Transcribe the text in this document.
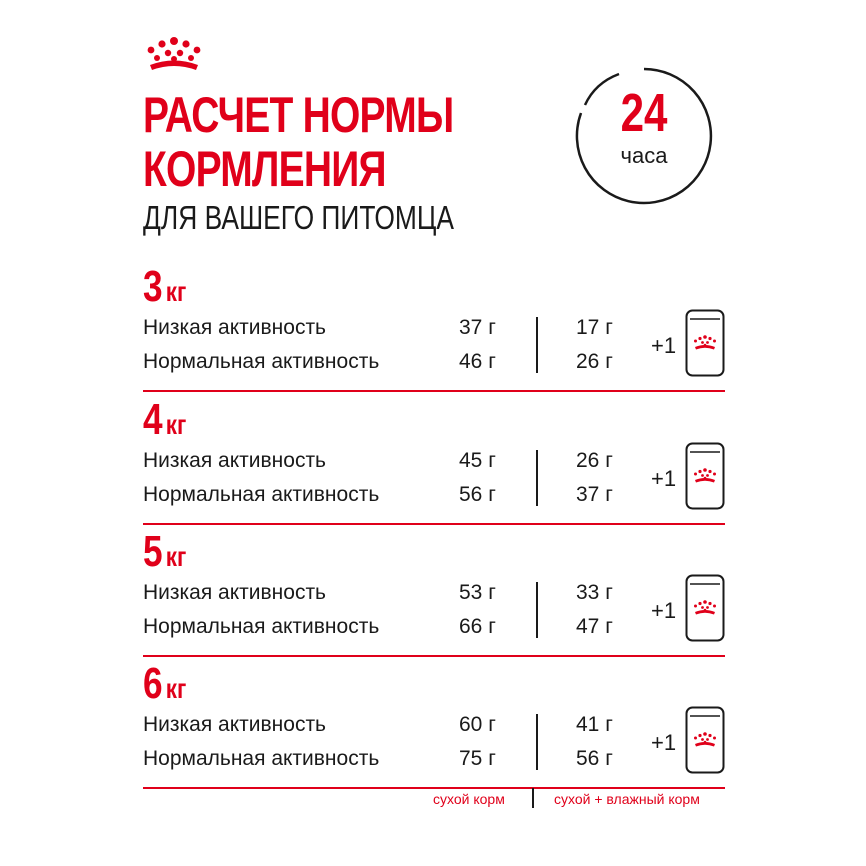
РАСЧЕТ НОРМЫ
КОРМЛЕНИЯ
ДЛЯ ВАШЕГО ПИТОМЦА
24
часа
3 кг
Низкая активность
Нормальная активность
37 г
46 г
17 г
26 г
+1
4 кг
Низкая активность
Нормальная активность
45 г
56 г
26 г
37 г
+1
5 кг
Низкая активность
Нормальная активность
53 г
66 г
33 г
47 г
+1
6 кг
Низкая активность
Нормальная активность
60 г
75 г
41 г
56 г
+1
сухой корм	сухой + влажный корм
